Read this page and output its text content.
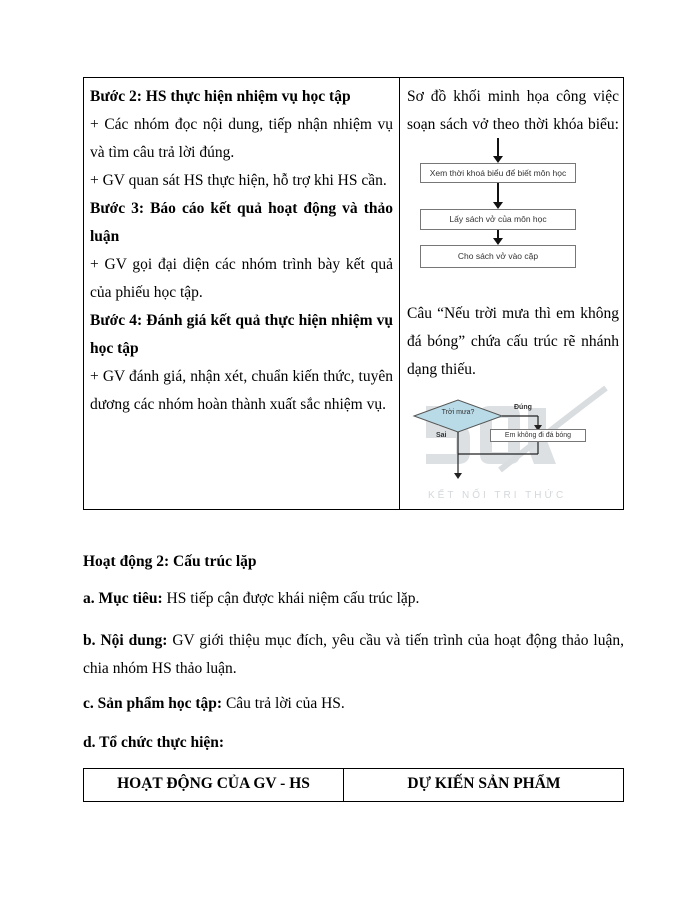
Bước 2: HS thực hiện nhiệm vụ học tập
+ Các nhóm đọc nội dung, tiếp nhận nhiệm vụ
và tìm câu trả lời đúng.
+ GV quan sát HS thực hiện, hỗ trợ khi HS cần.
Bước 3: Báo cáo kết quả hoạt động và thảo
luận
+ GV gọi đại diện các nhóm trình bày kết quả
của phiếu học tập.
Bước 4: Đánh giá kết quả thực hiện nhiệm vụ
học tập
+ GV đánh giá, nhận xét, chuẩn kiến thức, tuyên
dương các nhóm hoàn thành xuất sắc nhiệm vụ.
Sơ đồ khối minh họa công việc
soạn sách vở theo thời khóa biểu:
Xem thời khoá biểu để biết môn học
Lấy sách vở của môn học
Cho sách vở vào cặp
Câu “Nếu trời mưa thì em không
đá bóng” chứa cấu trúc rẽ nhánh
dạng thiếu.
Trời mưa?
Đúng
Sai	Em không đi đá bóng
KẾT NỐI TRI THỨC
Hoạt động 2: Cấu trúc lặp
a. Mục tiêu: HS tiếp cận được khái niệm cấu trúc lặp.
b. Nội dung: GV giới thiệu mục đích, yêu cầu và tiến trình của hoạt động thảo luận,
chia nhóm HS thảo luận.
c. Sản phẩm học tập: Câu trả lời của HS.
d. Tổ chức thực hiện:
HOẠT ĐỘNG CỦA GV - HS	DỰ KIẾN SẢN PHẨM
